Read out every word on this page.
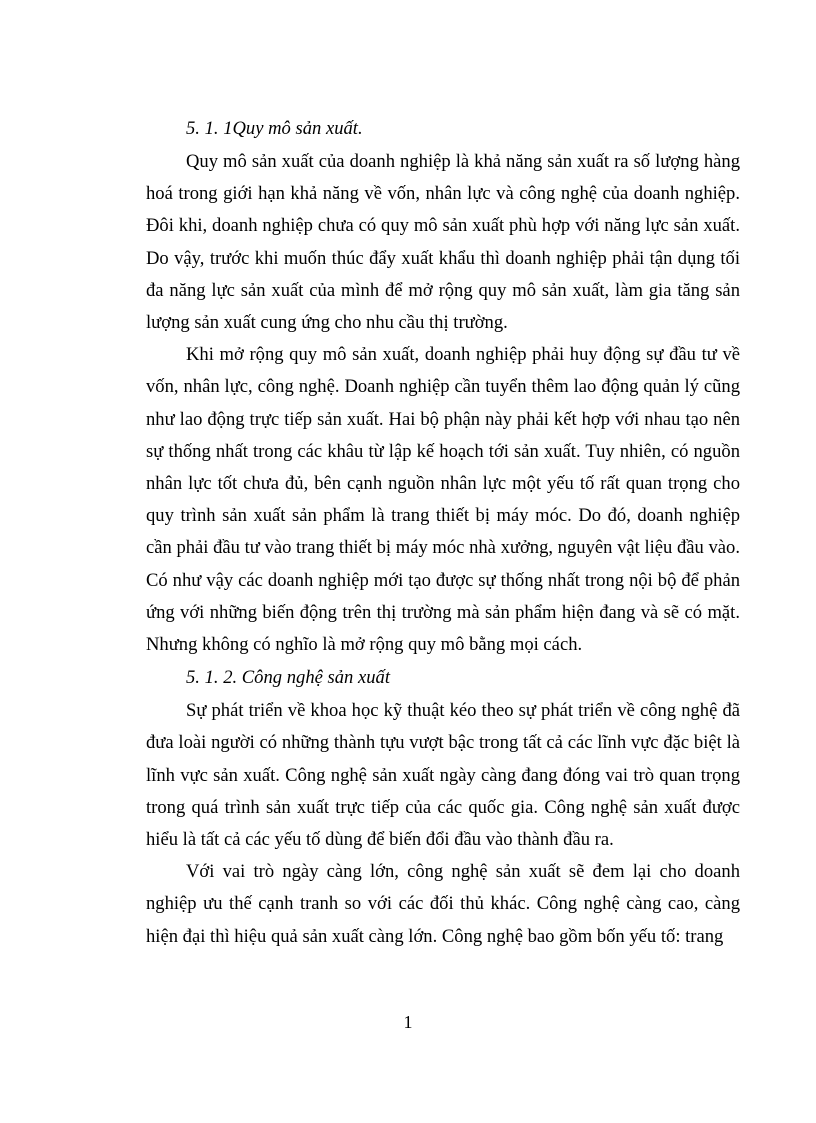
5. 1. 1Quy mô sản xuất.

Quy mô sản xuất của doanh nghiệp là khả năng sản xuất ra số lượng hàng hoá trong giới hạn khả năng về vốn, nhân lực và công nghệ của doanh nghiệp. Đôi khi, doanh nghiệp chưa có quy mô sản xuất phù hợp với năng lực sản xuất. Do vậy, trước khi muốn thúc đẩy xuất khẩu thì doanh nghiệp phải tận dụng tối đa năng lực sản xuất của mình để mở rộng quy mô sản xuất, làm gia tăng sản lượng sản xuất cung ứng cho nhu cầu thị trường.

Khi mở rộng quy mô sản xuất, doanh nghiệp phải huy động sự đầu tư về vốn, nhân lực, công nghệ. Doanh nghiệp cần tuyển thêm lao động quản lý cũng như lao động trực tiếp sản xuất. Hai bộ phận này phải kết hợp với nhau tạo nên sự thống nhất trong các khâu từ lập kế hoạch tới sản xuất. Tuy nhiên, có nguồn nhân lực tốt chưa đủ, bên cạnh nguồn nhân lực một yếu tố rất quan trọng cho quy trình sản xuất sản phẩm là trang thiết bị máy móc. Do đó, doanh nghiệp cần phải đầu tư vào trang thiết bị máy móc nhà xưởng, nguyên vật liệu đầu vào. Có như vậy các doanh nghiệp mới tạo được sự thống nhất trong nội bộ để phản ứng với những biến động trên thị trường mà sản phẩm hiện đang và sẽ có mặt. Nhưng không có nghĩo là mở rộng quy mô bằng mọi cách.

5. 1. 2. Công nghệ sản xuất

Sự phát triển về khoa học kỹ thuật kéo theo sự phát triển về công nghệ đã đưa loài người có những thành tựu vượt bậc trong tất cả các lĩnh vực đặc biệt là lĩnh vực sản xuất. Công nghệ sản xuất ngày càng đang đóng vai trò quan trọng trong quá trình sản xuất trực tiếp của các quốc gia. Công nghệ sản xuất được hiểu là tất cả các yếu tố dùng để biến đổi đầu vào thành đầu ra.

Với vai trò ngày càng lớn, công nghệ sản xuất sẽ đem lại cho doanh nghiệp ưu thế cạnh tranh so với các đối thủ khác. Công nghệ càng cao, càng hiện đại thì hiệu quả sản xuất càng lớn. Công nghệ bao gồm bốn yếu tố: trang

1
